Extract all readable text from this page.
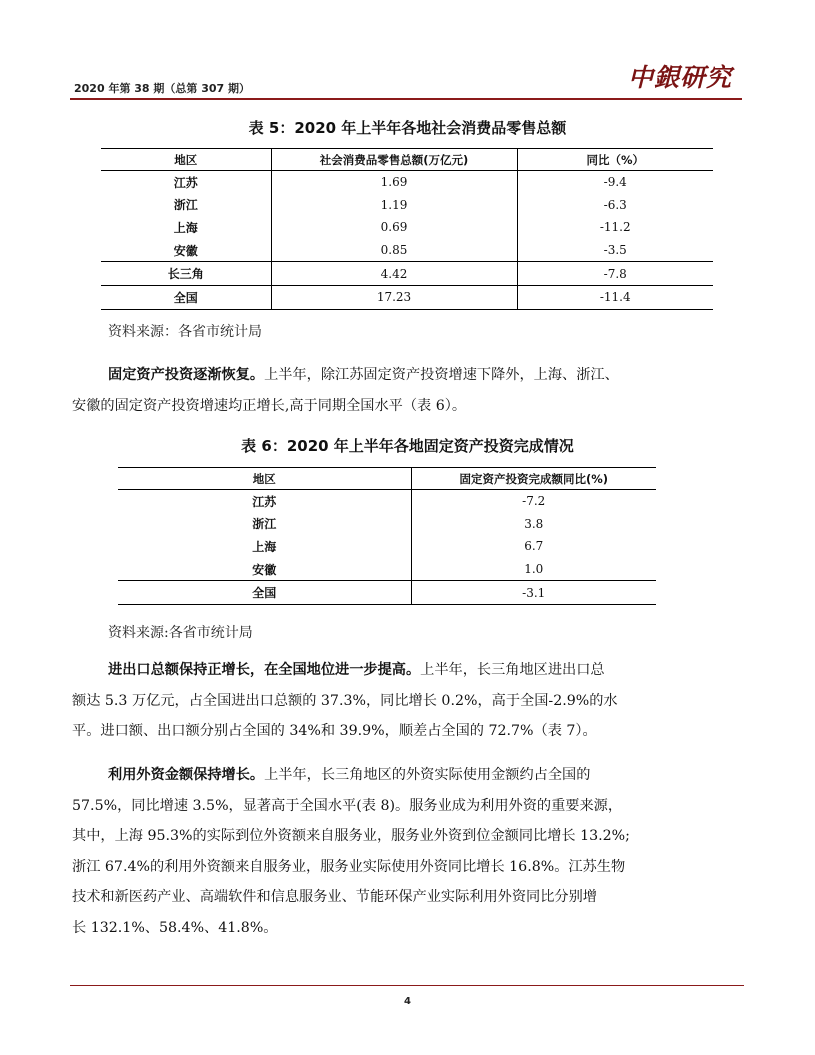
2020 年第 38 期（总第 307 期）	中銀研究
表 5：2020 年上半年各地社会消费品零售总额
地区	社会消费品零售总额(万亿元)	同比（%）
江苏	1.69	-9.4
浙江	1.19	-6.3
上海	0.69	-11.2
安徽	0.85	-3.5
长三角	4.42	-7.8
全国	17.23	-11.4
资料来源：各省市统计局
固定资产投资逐渐恢复。上半年，除江苏固定资产投资增速下降外，上海、浙江、
安徽的固定资产投资增速均正增长,高于同期全国水平（表 6）。
表 6：2020 年上半年各地固定资产投资完成情况
地区	固定资产投资完成额同比(%)
江苏	-7.2
浙江	3.8
上海	6.7
安徽	1.0
全国	-3.1
资料来源:各省市统计局
进出口总额保持正增长，在全国地位进一步提高。上半年，长三角地区进出口总
额达 5.3 万亿元，占全国进出口总额的 37.3%，同比增长 0.2%，高于全国-2.9%的水
平。进口额、出口额分别占全国的 34%和 39.9%，顺差占全国的 72.7%（表 7）。
利用外资金额保持增长。上半年，长三角地区的外资实际使用金额约占全国的
57.5%，同比增速 3.5%，显著高于全国水平(表 8)。服务业成为利用外资的重要来源，
其中，上海 95.3%的实际到位外资额来自服务业，服务业外资到位金额同比增长 13.2%;
浙江 67.4%的利用外资额来自服务业，服务业实际使用外资同比增长 16.8%。江苏生物
技术和新医药产业、高端软件和信息服务业、节能环保产业实际利用外资同比分别增
长 132.1%、58.4%、41.8%。
4
